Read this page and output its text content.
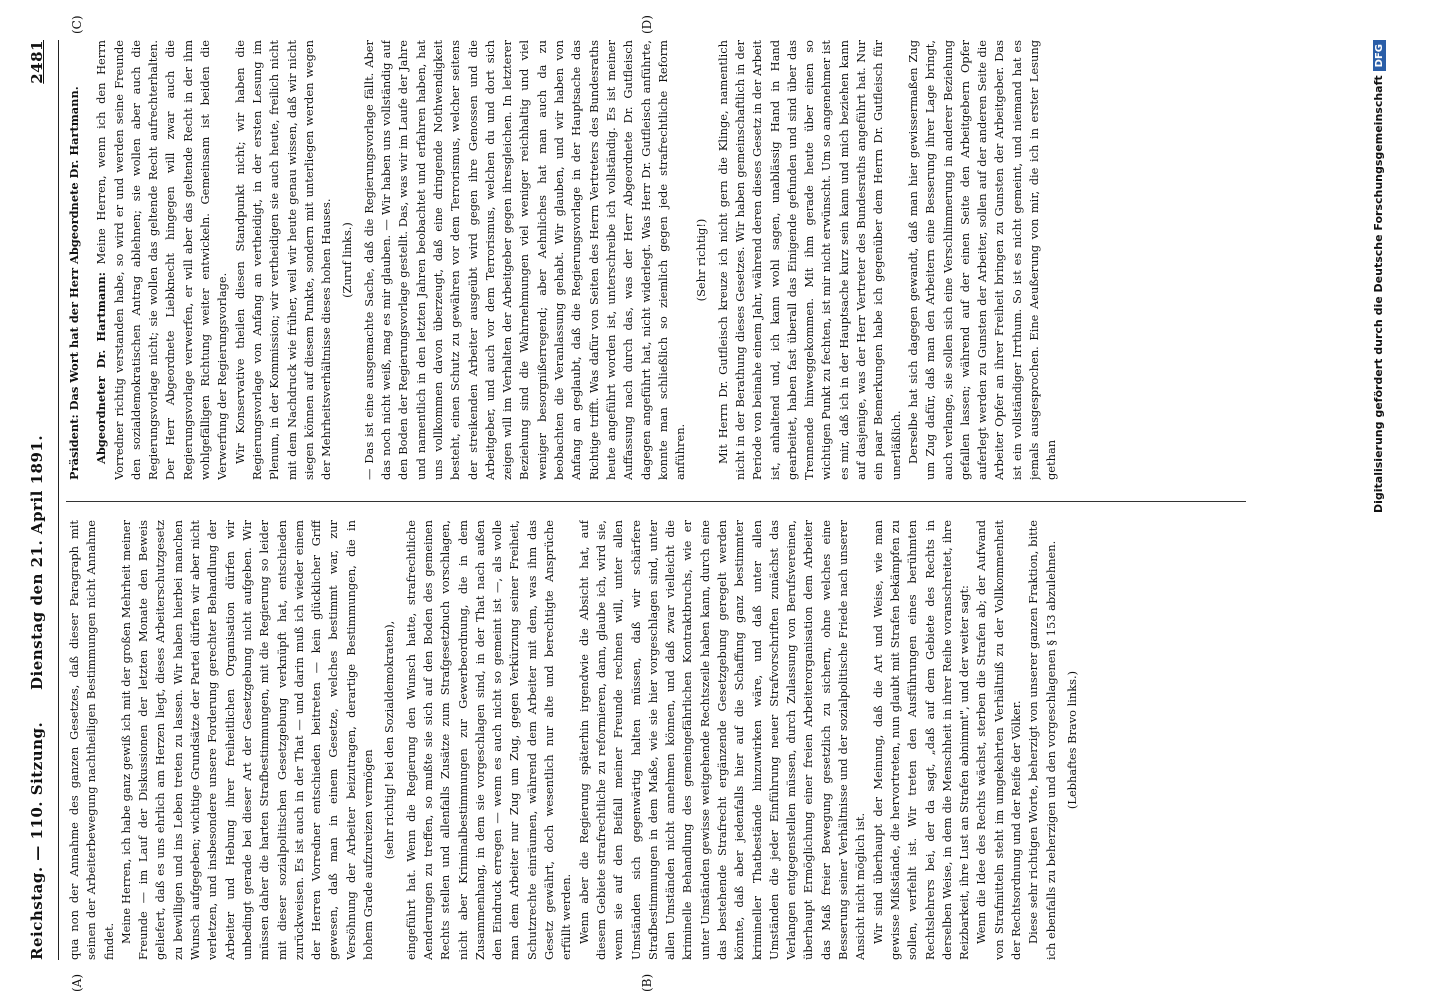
Reichstag. — 110. Sitzung.
Dienstag den 21. April 1891.
2481
(A)	(B)
(C)	(D)

qua non der Annahme des ganzen Gesetzes, daß dieser Paragraph mit seinen der Arbeiterbewegung nachtheiligen Bestimmungen nicht Annahme findet. Meine Herren, ich habe ganz gewiß ich mit der großen Mehrheit meiner Freunde — im Lauf der Diskussionen der letzten Monate den Beweis geliefert, daß es uns ehrlich am Herzen liegt, dieses Arbeiterschutzgesetz zu bewilligen und ins Leben treten zu lassen. Wir haben hierbei manchen Wunsch aufgegeben; wichtige Grundsätze der Partei dürfen wir aber nicht verletzen, und insbesondere unsere Forderung gerechter Behandlung der Arbeiter und Hebung ihrer freiheitlichen Organisation dürfen wir unbedingt gerade bei dieser Art der Gesetzgebung nicht aufgeben. Wir müssen daher die harten Strafbestimmungen, mit die Regierung so leider mit dieser sozialpolitischen Gesetzgebung verknüpft hat, entschieden zurückweisen. Es ist auch in der That — und darin muß ich wieder einem der Herren Vorredner entschieden beitreten — kein glücklicher Griff gewesen, daß man in einem Gesetze, welches bestimmt war, zur Versöhnung der Arbeiter beizutragen, derartige Bestimmungen, die in hohem Grade aufzureizen vermögen (sehr richtig! bei den Sozialdemokraten), eingeführt hat. Wenn die Regierung den Wunsch hatte, strafrechtliche Aenderungen zu treffen, so mußte sie sich auf den Boden des gemeinen Rechts stellen und allenfalls Zusätze zum Strafgesetzbuch vorschlagen, nicht aber Kriminalbestimmungen zur Gewerbeordnung, die in dem Zusammenhang, in dem sie vorgeschlagen sind, in der That nach außen den Eindruck erregen — wenn es auch nicht so gemeint ist —, als wolle man dem Arbeiter nur Zug um Zug, gegen Verkürzung seiner Freiheit, Schutzrechte einräumen, während dem Arbeiter mit dem, was ihm das Gesetz gewährt, doch wesentlich nur alte und berechtigte Ansprüche erfüllt werden. Wenn aber die Regierung späterhin irgendwie die Absicht hat, auf diesem Gebiete strafrechtliche zu reformieren, dann, glaube ich, wird sie, wenn sie auf den Beifall meiner Freunde rechnen will, unter allen Umständen sich gegenwärtig halten müssen, daß wir schärfere Strafbestimmungen in dem Maße, wie sie hier vorgeschlagen sind, unter allen Umständen nicht annehmen können, und daß zwar vielleicht die kriminelle Behandlung des gemeingefährlichen Kontraktbruchs, wie er unter Umständen gewisse weitgehende Rechtszeile haben kann, durch eine das bestehende Strafrecht ergänzende Gesetzgebung geregelt werden könnte, daß aber jedenfalls hier auf die Schaffung ganz bestimmter krimineller Thatbestände hinzuwirken wäre, und daß unter allen Umständen die jeder Einführung neuer Strafvorschriften zunächst das Verlangen entgegenstellen müssen, durch Zulassung von Berufsvereinen, überhaupt Ermöglichung einer freien Arbeiterorganisation dem Arbeiter das Maß freier Bewegung gesetzlich zu sichern, ohne welches eine Besserung seiner Verhältnisse und der sozialpolitische Friede nach unserer Ansicht nicht möglich ist. Wir sind überhaupt der Meinung, daß die Art und Weise, wie man gewisse Mißstände, die hervortreten, nun glaubt mit Strafen bekämpfen zu sollen, verfehlt ist. Wir treten den Ausführungen eines berühmten Rechtslehrers bei, der da sagt, „daß auf dem Gebiete des Rechts in derselben Weise, in dem die Menschheit in ihrer Reihe voranschreitet, ihre Reizbarkeit, ihre Lust an Strafen abnimmt", und der weiter sagt: Wenn die Idee des Rechts wächst, sterben die Strafen ab; der Aufwand von Strafmitteln steht im umgekehrten Verhältniß zu der Vollkommenheit der Rechtsordnung und der Reife der Völker. Diese sehr richtigen Worte, beherzigt von unserer ganzen Fraktion, bitte ich ebenfalls zu beherzigen und den vorgeschlagenen § 153 abzulehnen. (Lebhaftes Bravo links.)

Präsident: Das Wort hat der Herr Abgeordnete Dr. Hartmann. Abgeordneter Dr. Hartmann: Meine Herren, wenn ich den Herrn Vorredner richtig verstanden habe, so wird er und werden seine Freunde den sozialdemokratischen Antrag ablehnen; sie wollen aber auch die Regierungsvorlage nicht; sie wollen das geltende Recht aufrechterhalten. Der Herr Abgeordnete Liebknecht hingegen will zwar auch die Regierungsvorlage verwerfen, er will aber das geltende Recht in der ihm wohlgefälligen Richtung weiter entwickeln. Gemeinsam ist beiden die Verwerfung der Regierungsvorlage. Wir Konservative theilen diesen Standpunkt nicht; wir haben die Regierungsvorlage von Anfang an vertheidigt, in der ersten Lesung im Plenum, in der Kommission; wir vertheidigen sie auch heute, freilich nicht mit dem Nachdruck wie früher, weil wir heute genau wissen, daß wir nicht siegen können auf diesem Punkte, sondern mit unterliegen werden wegen der Mehrheitsverhältnisse dieses hohen Hauses. (Zuruf links.) — Das ist eine ausgemachte Sache, daß die Regierungsvorlage fällt. Aber das noch nicht weiß, mag es mir glauben. — Wir haben uns vollständig auf den Boden der Regierungsvorlage gestellt. Das, was wir im Laufe der Jahre und namentlich in den letzten Jahren beobachtet und erfahren haben, hat uns vollkommen davon überzeugt, daß eine dringende Nothwendigkeit besteht, einen Schutz zu gewähren vor dem Terrorismus, welcher seitens der streikenden Arbeiter ausgeübt wird gegen ihre Genossen und die Arbeitgeber, und auch vor dem Terrorismus, welchen du und dort sich zeigen will im Verhalten der Arbeitgeber gegen ihresgleichen. In letzterer Beziehung sind die Wahrnehmungen viel weniger reichhaltig und viel weniger besorgnißerregend; aber Aehnliches hat man auch da zu beobachten die Veranlassung gehabt. Wir glauben, und wir haben von Anfang an geglaubt, daß die Regierungsvorlage in der Hauptsache das Richtige trifft. Was dafür von Seiten des Herrn Vertreters des Bundesraths heute angeführt worden ist, unterschreibe ich vollständig. Es ist meiner Auffassung nach durch das, was der Herr Abgeordnete Dr. Gutfleisch dagegen angeführt hat, nicht widerlegt. Was Herr Dr. Gutfleisch anführte, konnte man schließlich so ziemlich gegen jede strafrechtliche Reform anführen.

(Sehr richtig!) Mit Herrn Dr. Gutfleisch kreuze ich nicht gern die Klinge, namentlich nicht in der Berathung dieses Gesetzes. Wir haben gemeinschaftlich in der Periode von beinahe einem Jahr, während deren dieses Gesetz in der Arbeit ist, anhaltend und, ich kann wohl sagen, unablässig Hand in Hand gearbeitet, haben fast überall das Einigende gefunden und sind über das Trennende hinweggekommen. Mit ihm gerade heute über einen so wichtigen Punkt zu fechten, ist mir nicht erwünscht. Um so angenehmer ist es mir, daß ich in der Hauptsache kurz sein kann und mich beziehen kann auf dasjenige, was der Herr Vertreter des Bundesraths angeführt hat. Nur ein paar Bemerkungen habe ich gegenüber dem Herrn Dr. Gutfleisch für unerläßlich. Derselbe hat sich dagegen gewandt, daß man hier gewissermaßen Zug um Zug dafür, daß man den Arbeitern eine Besserung ihrer Lage bringt, auch verlange, sie sollen sich eine Verschlimmerung in anderer Beziehung gefallen lassen; während auf der einen Seite den Arbeitgebern Opfer auferlegt werden zu Gunsten der Arbeiter, sollen auf der anderen Seite die Arbeiter Opfer an ihrer Freiheit bringen zu Gunsten der Arbeitgeber. Das ist ein vollständiger Irrthum. So ist es nicht gemeint, und niemand hat es jemals ausgesprochen. Eine Aeußerung von mir, die ich in erster Lesung gethan	Digitalisierung gefördert durch die Deutsche ForschungsgemeinschaftDFG
